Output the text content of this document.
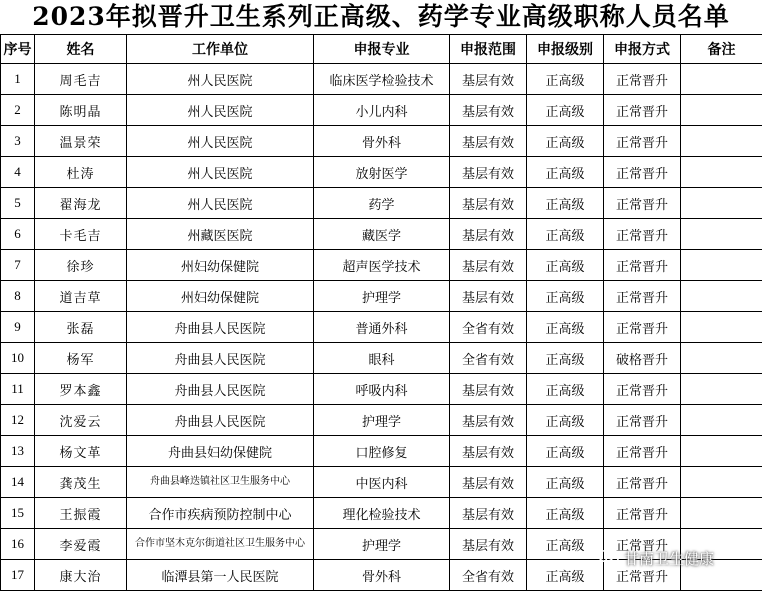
2023年拟晋升卫生系列正高级、药学专业高级职称人员名单
序号	姓名	工作单位	申报专业	申报范围	申报级别	申报方式	备注
1	周毛吉	州人民医院	临床医学检验技术	基层有效	正高级	正常晋升	
2	陈明晶	州人民医院	小儿内科	基层有效	正高级	正常晋升	
3	温景荣	州人民医院	骨外科	基层有效	正高级	正常晋升	
4	杜涛	州人民医院	放射医学	基层有效	正高级	正常晋升	
5	翟海龙	州人民医院	药学	基层有效	正高级	正常晋升	
6	卡毛吉	州藏医医院	藏医学	基层有效	正高级	正常晋升	
7	徐珍	州妇幼保健院	超声医学技术	基层有效	正高级	正常晋升	
8	道吉草	州妇幼保健院	护理学	基层有效	正高级	正常晋升	
9	张磊	舟曲县人民医院	普通外科	全省有效	正高级	正常晋升	
10	杨军	舟曲县人民医院	眼科	全省有效	正高级	破格晋升	
11	罗本鑫	舟曲县人民医院	呼吸内科	基层有效	正高级	正常晋升	
12	沈爱云	舟曲县人民医院	护理学	基层有效	正高级	正常晋升	
13	杨文革	舟曲县妇幼保健院	口腔修复	基层有效	正高级	正常晋升	
14	龚茂生	舟曲县峰迭镇社区卫生服务中心	中医内科	基层有效	正高级	正常晋升	
15	王振霞	合作市疾病预防控制中心	理化检验技术	基层有效	正高级	正常晋升	
16	李爱霞	合作市坚木克尔街道社区卫生服务中心	护理学	基层有效	正高级	正常晋升	
17	康大治	临潭县第一人民医院	骨外科	全省有效	正高级	正常晋升	
甘南卫生健康
